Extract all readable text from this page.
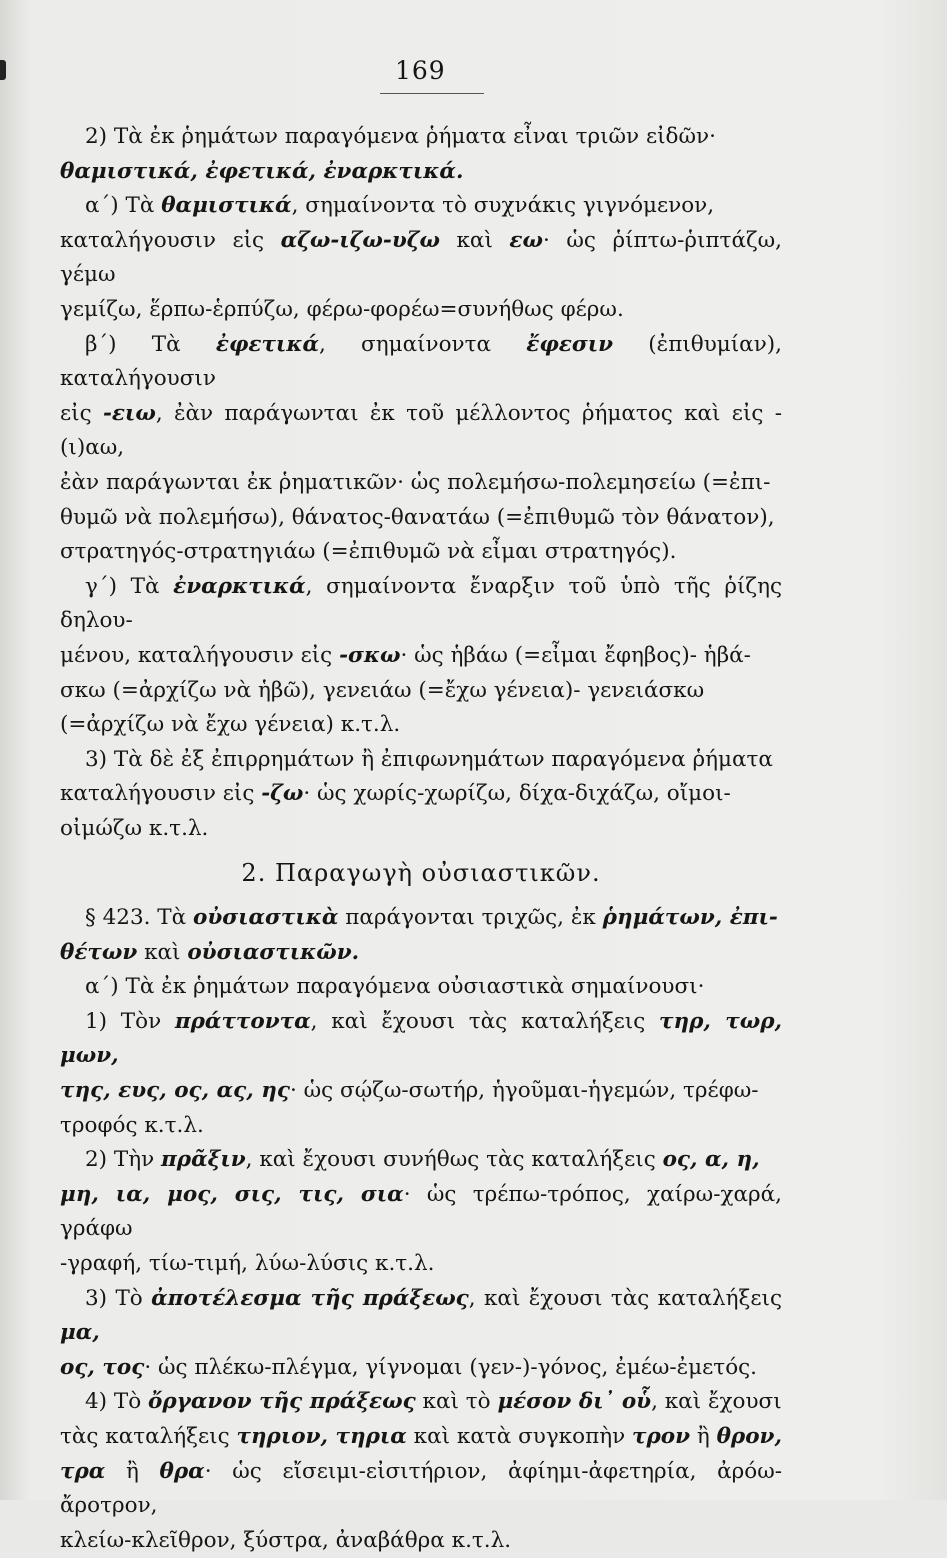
169

2) Τὰ ἐκ ῥημάτων παραγόμενα ῥήματα εἶναι τριῶν εἰδῶν·

θαμιστικά, ἐφετικά, ἐναρκτικά.

α΄) Τὰ θαμιστικά, σημαίνοντα τὸ συχνάκις γιγνόμενον,

καταλήγουσιν εἰς αζω-ιζω-υζω καὶ εω· ὡς ῥίπτω-ῥιπτάζω, γέμω

γεμίζω, ἕρπω-ἑρπύζω, φέρω-φορέω=συνήθως φέρω.

β΄) Τὰ ἐφετικά, σημαίνοντα ἔφεσιν (ἐπιθυμίαν), καταλήγουσιν

εἰς -ειω, ἐὰν παράγωνται ἐκ τοῦ μέλλοντος ῥήματος καὶ εἰς -(ι)αω,

ἐὰν παράγωνται ἐκ ῥηματικῶν· ὡς πολεμήσω-πολεμησείω (=ἐπι-

θυμῶ νὰ πολεμήσω), θάνατος-θανατάω (=ἐπιθυμῶ τὸν θάνατον),

στρατηγός-στρατηγιάω (=ἐπιθυμῶ νὰ εἶμαι στρατηγός).

γ΄) Τὰ ἐναρκτικά, σημαίνοντα ἔναρξιν τοῦ ὑπὸ τῆς ῥίζης δηλου-

μένου, καταλήγουσιν εἰς -σκω· ὡς ἡβάω (=εἶμαι ἔφηβος)- ἡβά-

σκω (=ἀρχίζω νὰ ἡβῶ), γενειάω (=ἔχω γένεια)- γενειάσκω

(=ἀρχίζω νὰ ἔχω γένεια) κ.τ.λ.

3) Τὰ δὲ ἐξ ἐπιρρημάτων ἢ ἐπιφωνημάτων παραγόμενα ῥήματα

καταλήγουσιν εἰς -ζω· ὡς χωρίς-χωρίζω, δίχα-διχάζω, οἴμοι-

οἰμώζω κ.τ.λ.

2. Παραγωγὴ οὐσιαστικῶν.

§ 423. Τὰ οὐσιαστικὰ παράγονται τριχῶς, ἐκ ῥημάτων, ἐπι-

θέτων καὶ οὐσιαστικῶν.

α΄) Τὰ ἐκ ῥημάτων παραγόμενα οὐσιαστικὰ σημαίνουσι·

1) Τὸν πράττοντα, καὶ ἔχουσι τὰς καταλήξεις τηρ, τωρ, μων,

της, ευς, ος, ας, ης· ὡς σῴζω-σωτήρ, ἡγοῦμαι-ἡγεμών, τρέφω-

τροφός κ.τ.λ.

2) Τὴν πρᾶξιν, καὶ ἔχουσι συνήθως τὰς καταλήξεις ος, α, η,

μη, ια, μος, σις, τις, σια· ὡς τρέπω-τρόπος, χαίρω-χαρά, γράφω

-γραφή, τίω-τιμή, λύω-λύσις κ.τ.λ.

3) Τὸ ἀποτέλεσμα τῆς πράξεως, καὶ ἔχουσι τὰς καταλήξεις μα,

ος, τος· ὡς πλέκω-πλέγμα, γίγνομαι (γεν-)-γόνος, ἐμέω-ἐμετός.

4) Τὸ ὄργανον τῆς πράξεως καὶ τὸ μέσον δι᾽ οὗ, καὶ ἔχουσι

τὰς καταλήξεις τηριον, τηρια καὶ κατὰ συγκοπὴν τρον ἢ θρον,

τρα ἢ θρα· ὡς εἴσειμι-εἰσιτήριον, ἀφίημι-ἀφετηρία, ἀρόω-ἄροτρον,

κλείω-κλεῖθρον, ξύστρα, ἀναβάθρα κ.τ.λ.
